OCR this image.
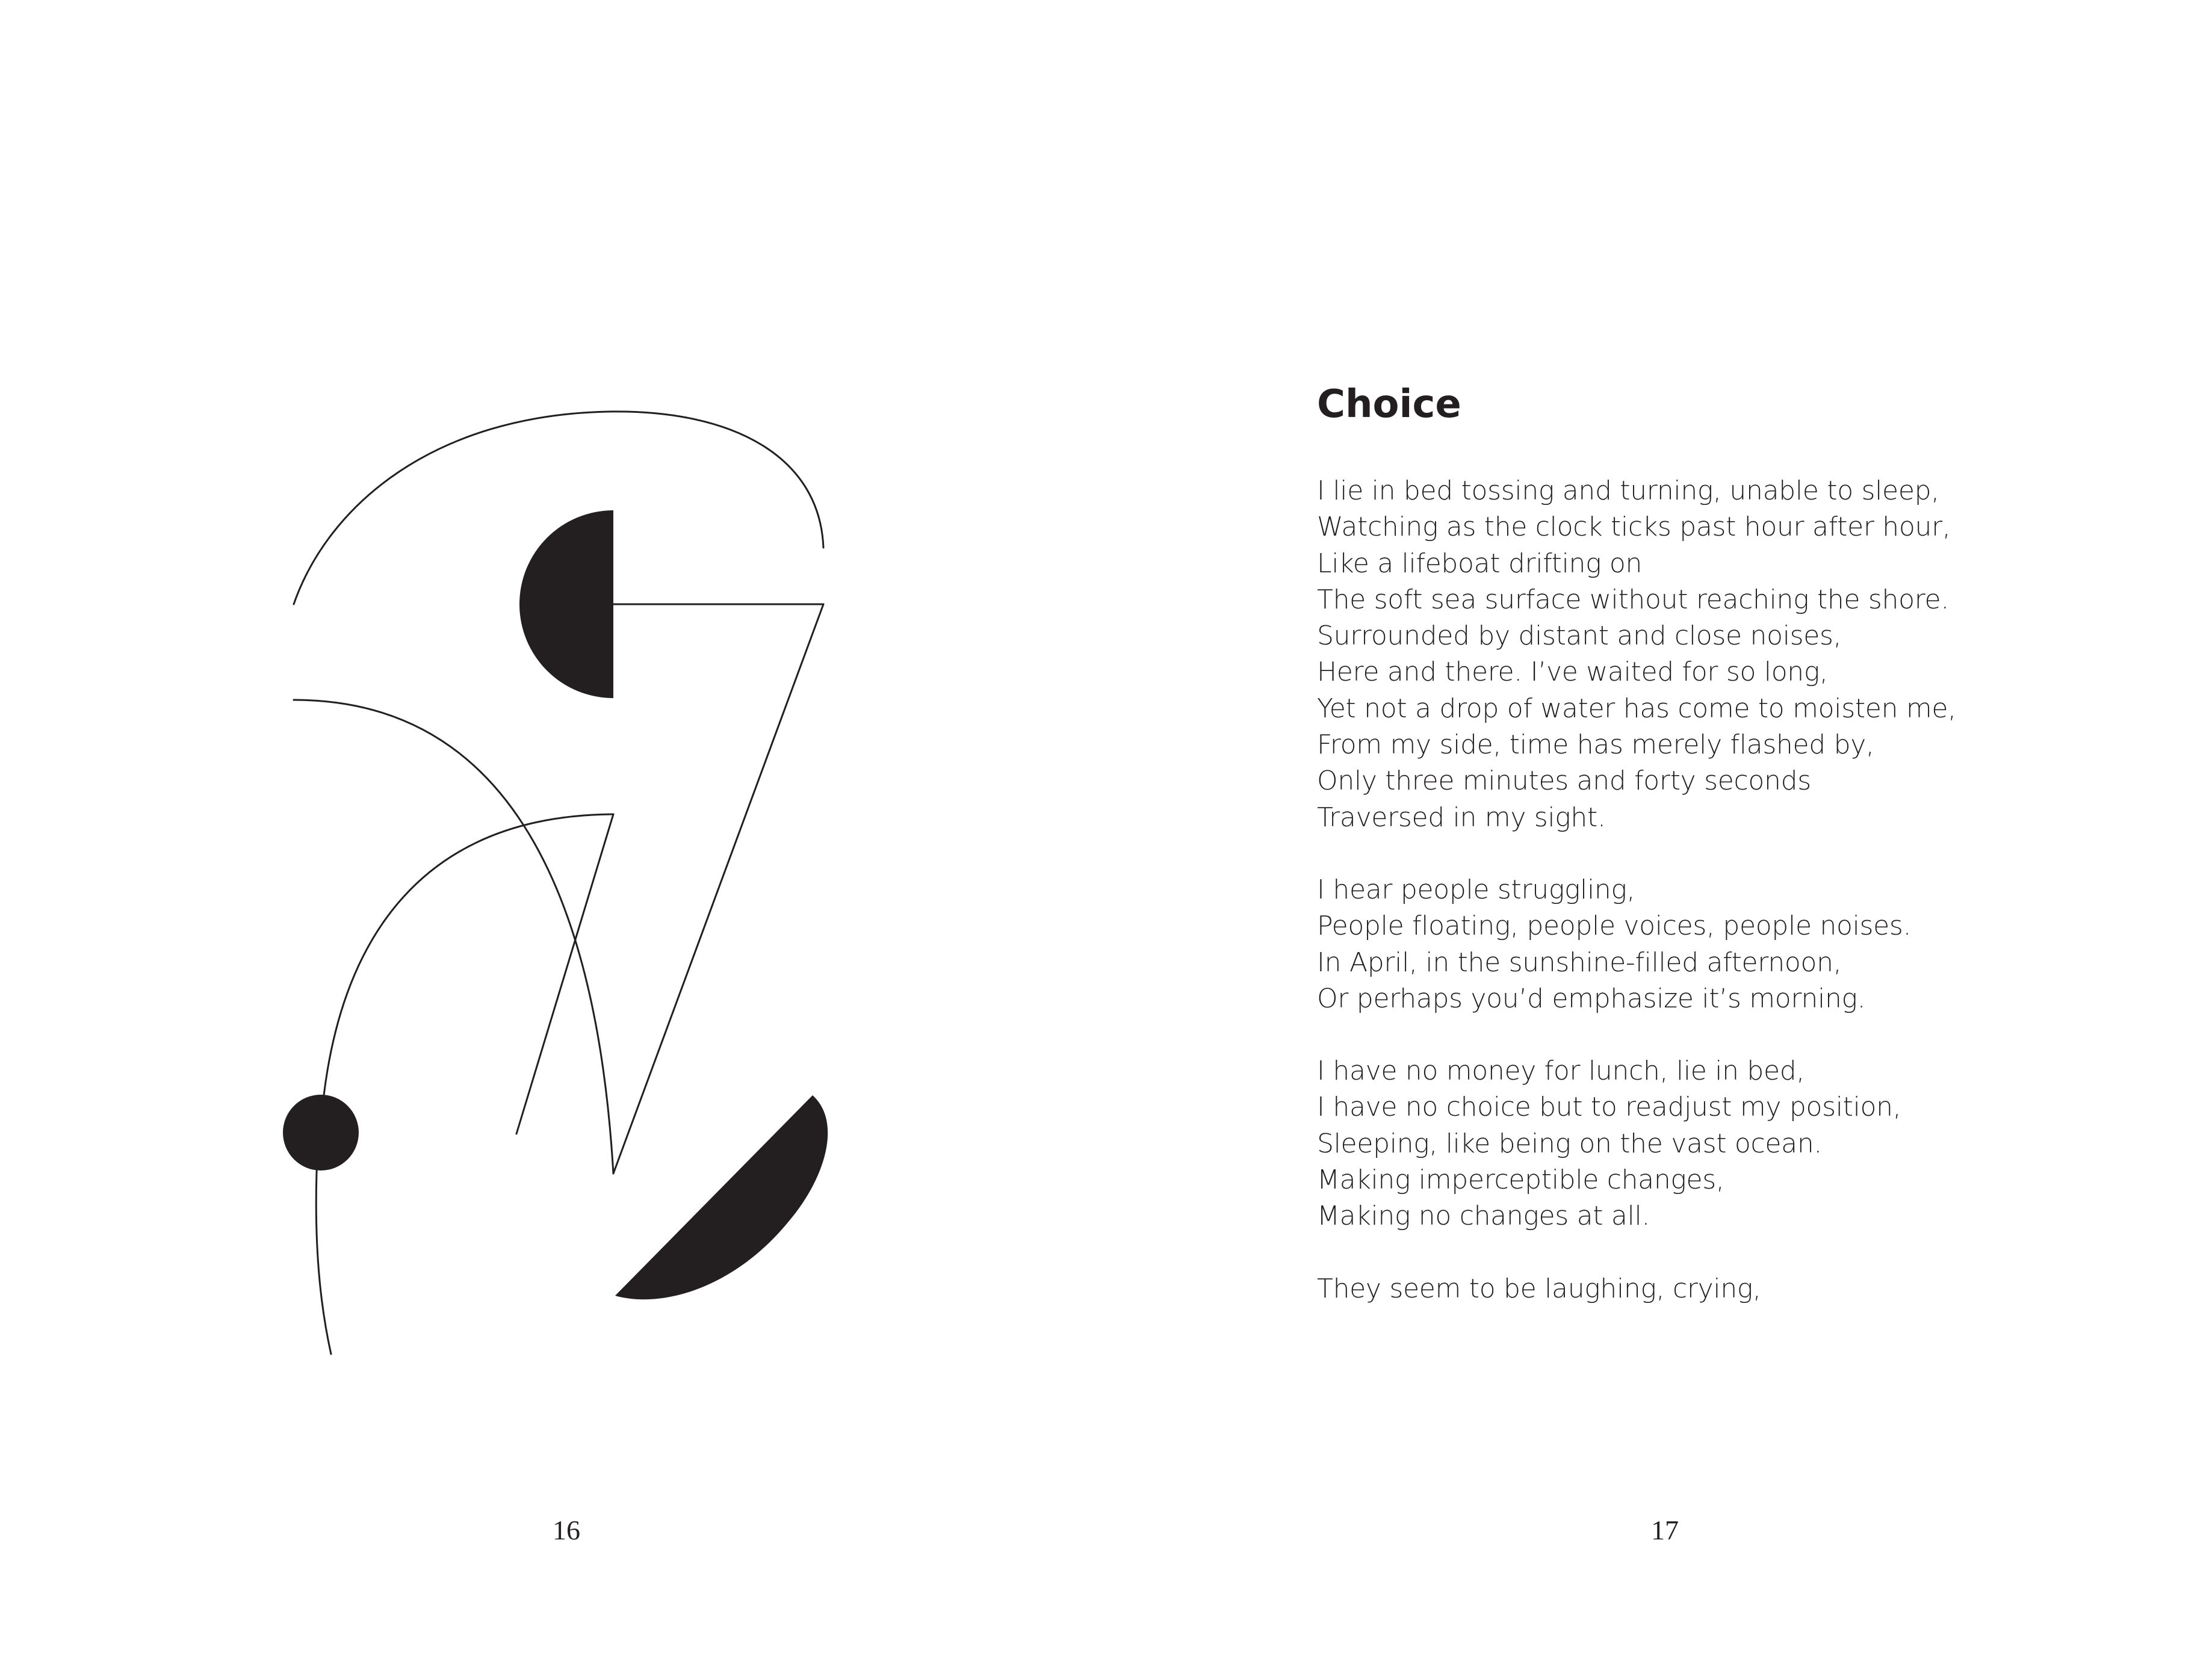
16
Choice
I lie in bed tossing and turning, unable to sleep,
Watching as the clock ticks past hour after hour,
Like a lifeboat drifting on
The soft sea surface without reaching the shore.
Surrounded by distant and close noises,
Here and there. I’ve waited for so long,
Yet not a drop of water has come to moisten me,
From my side, time has merely flashed by,
Only three minutes and forty seconds
Traversed in my sight.
I hear people struggling,
People floating, people voices, people noises.
In April, in the sunshine-filled afternoon,
Or perhaps you’d emphasize it’s morning.
I have no money for lunch, lie in bed,
I have no choice but to readjust my position,
Sleeping, like being on the vast ocean.
Making imperceptible changes,
Making no changes at all.
They seem to be laughing, crying,
17
